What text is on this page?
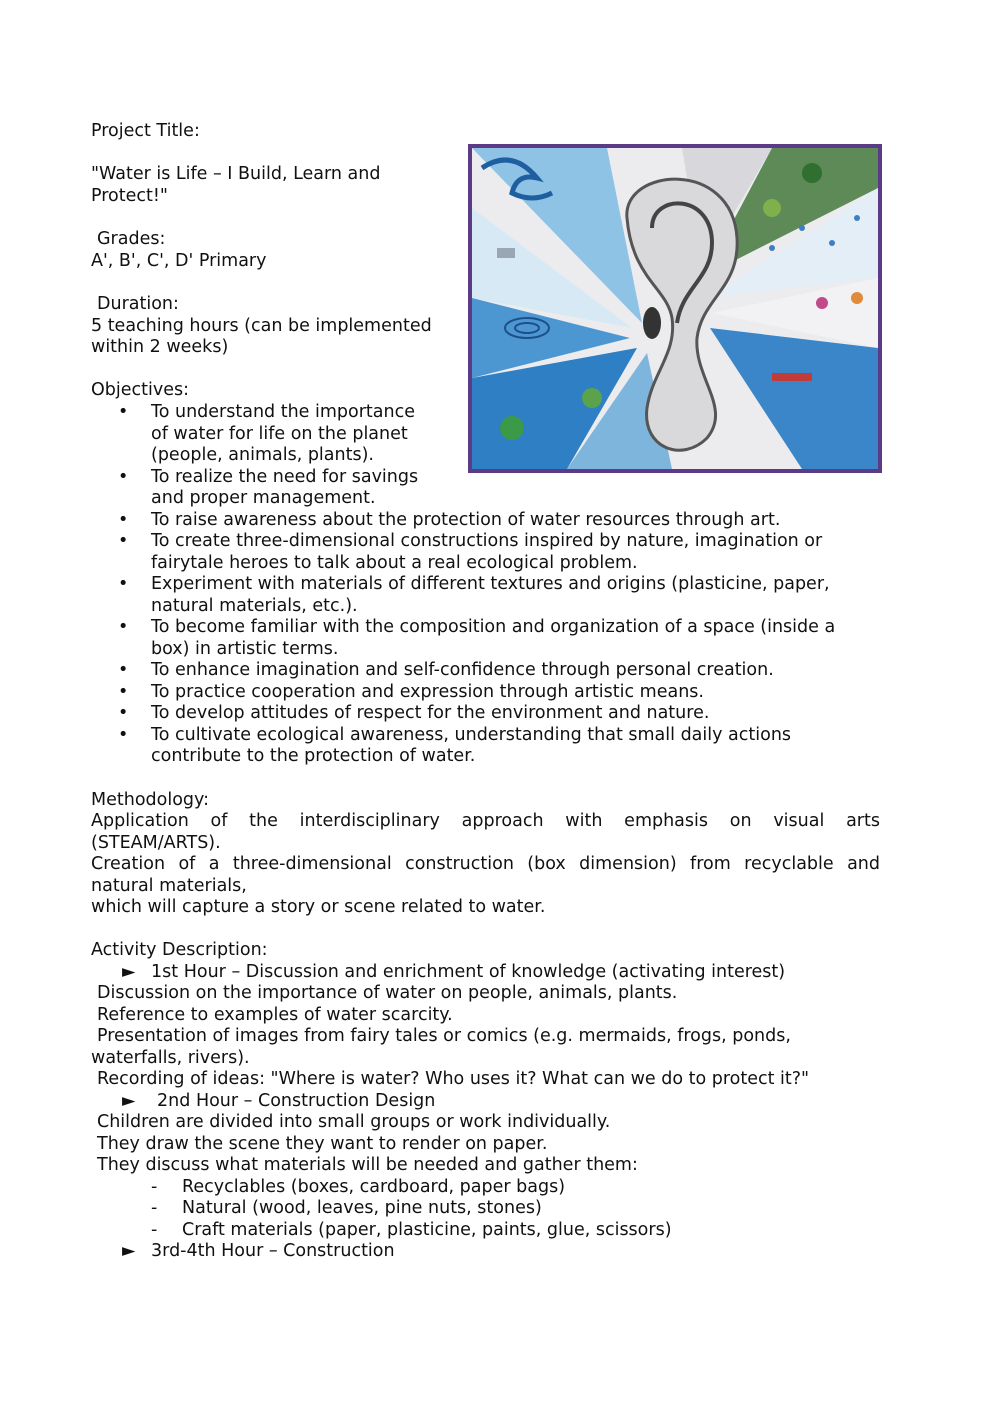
Project Title:
"Water is Life – I Build, Learn and
Protect!"
Grades:
A', B', C', D' Primary
Duration:
5 teaching hours (can be implemented
within 2 weeks)
Objectives:
• To understand the importance
of water for life on the planet
(people, animals, plants).
• To realize the need for savings
and proper management.
• To raise awareness about the protection of water resources through art.
• To create three-dimensional constructions inspired by nature, imagination or
fairytale heroes to talk about a real ecological problem.
• Experiment with materials of different textures and origins (plasticine, paper,
natural materials, etc.).
• To become familiar with the composition and organization of a space (inside a
box) in artistic terms.
• To enhance imagination and self-confidence through personal creation.
• To practice cooperation and expression through artistic means.
• To develop attitudes of respect for the environment and nature.
• To cultivate ecological awareness, understanding that small daily actions
contribute to the protection of water.
Methodology:
Application of the interdisciplinary approach with emphasis on visual arts
(STEAM/ARTS).
Creation of a three-dimensional construction (box dimension) from recyclable and
natural materials,
which will capture a story or scene related to water.
Activity Description:
► 1st Hour – Discussion and enrichment of knowledge (activating interest)
Discussion on the importance of water on people, animals, plants.
Reference to examples of water scarcity.
Presentation of images from fairy tales or comics (e.g. mermaids, frogs, ponds,
waterfalls, rivers).
Recording of ideas: "Where is water? Who uses it? What can we do to protect it?"
► 2nd Hour – Construction Design
Children are divided into small groups or work individually.
They draw the scene they want to render on paper.
They discuss what materials will be needed and gather them:
- Recyclables (boxes, cardboard, paper bags)
- Natural (wood, leaves, pine nuts, stones)
- Craft materials (paper, plasticine, paints, glue, scissors)
► 3rd-4th Hour – Construction
